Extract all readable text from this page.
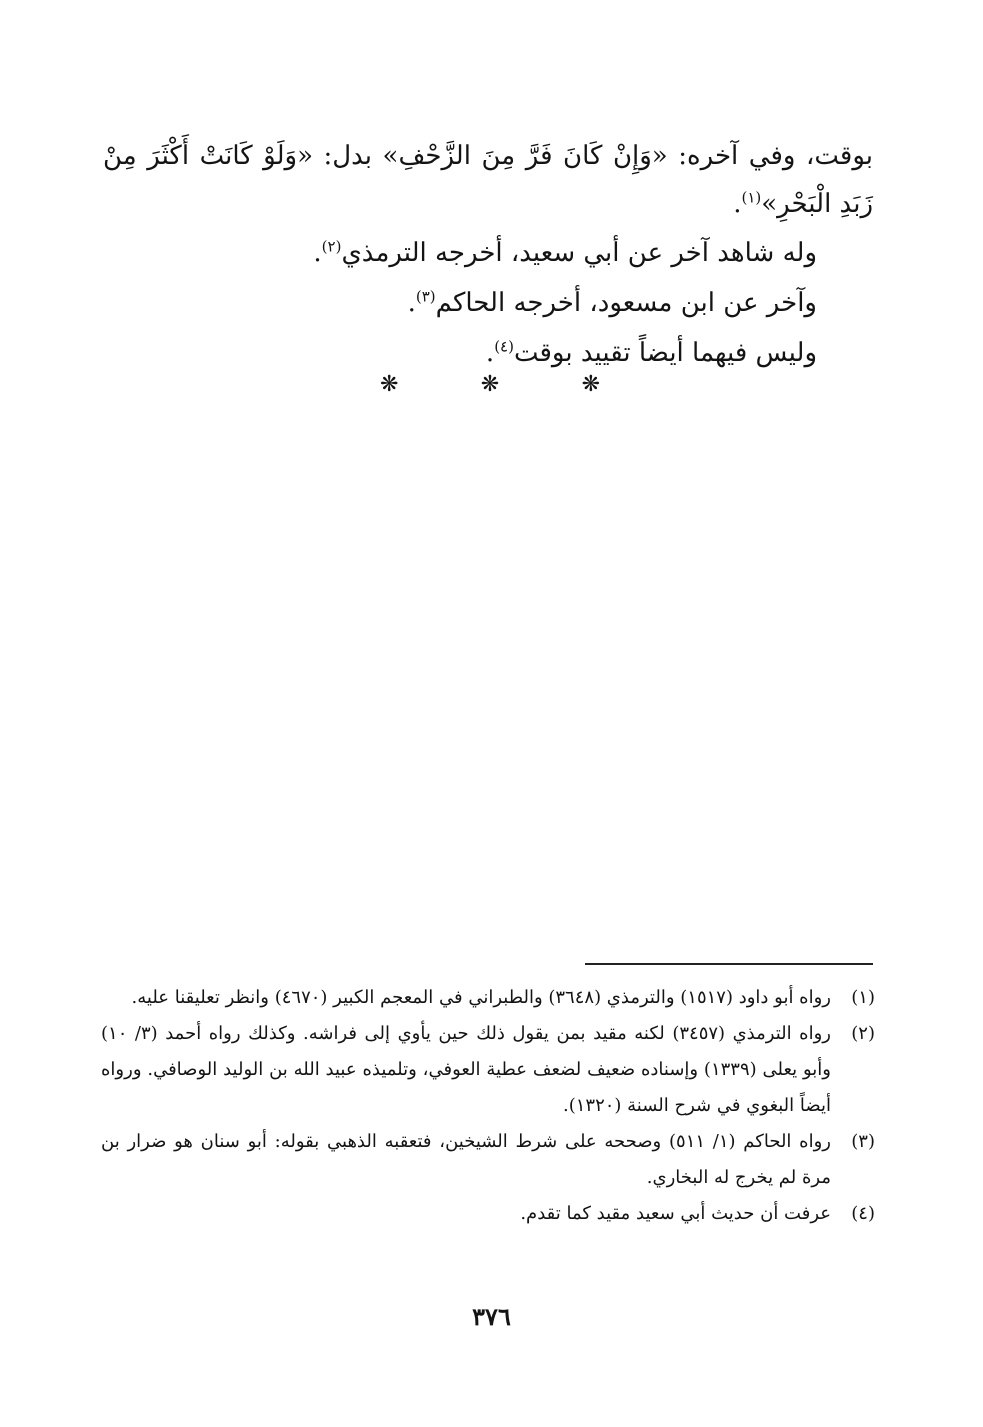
بوقت، وفي آخره: «وَإِنْ كَانَ فَرَّ مِنَ الزَّحْفِ» بدل: «وَلَوْ كَانَتْ أَكْثَرَ مِنْ زَبَدِ الْبَحْرِ»$^{(١)}$.

وله شاهد آخر عن أبي سعيد، أخرجه الترمذي$^{(٢)}$.

وآخر عن ابن مسعود، أخرجه الحاكم$^{(٣)}$.

وليس فيهما أيضاً تقييد بوقت$^{(٤)}$.

❋	❋	❋
(١)
رواه أبو داود (١٥١٧) والترمذي (٣٦٤٨) والطبراني في المعجم الكبير (٤٦٧٠) وانظر تعليقنا عليه.
(٢)
رواه الترمذي (٣٤٥٧) لكنه مقيد بمن يقول ذلك حين يأوي إلى فراشه. وكذلك رواه أحمد (٣/ ١٠) وأبو يعلى (١٣٣٩) وإسناده ضعيف لضعف عطية العوفي، وتلميذه عبيد الله بن الوليد الوصافي. ورواه أيضاً البغوي في شرح السنة (١٣٢٠).
(٣)
رواه الحاكم (١/ ٥١١) وصححه على شرط الشيخين، فتعقبه الذهبي بقوله: أبو سنان هو ضرار بن مرة لم يخرج له البخاري.
(٤)
عرفت أن حديث أبي سعيد مقيد كما تقدم.
٣٧٦
